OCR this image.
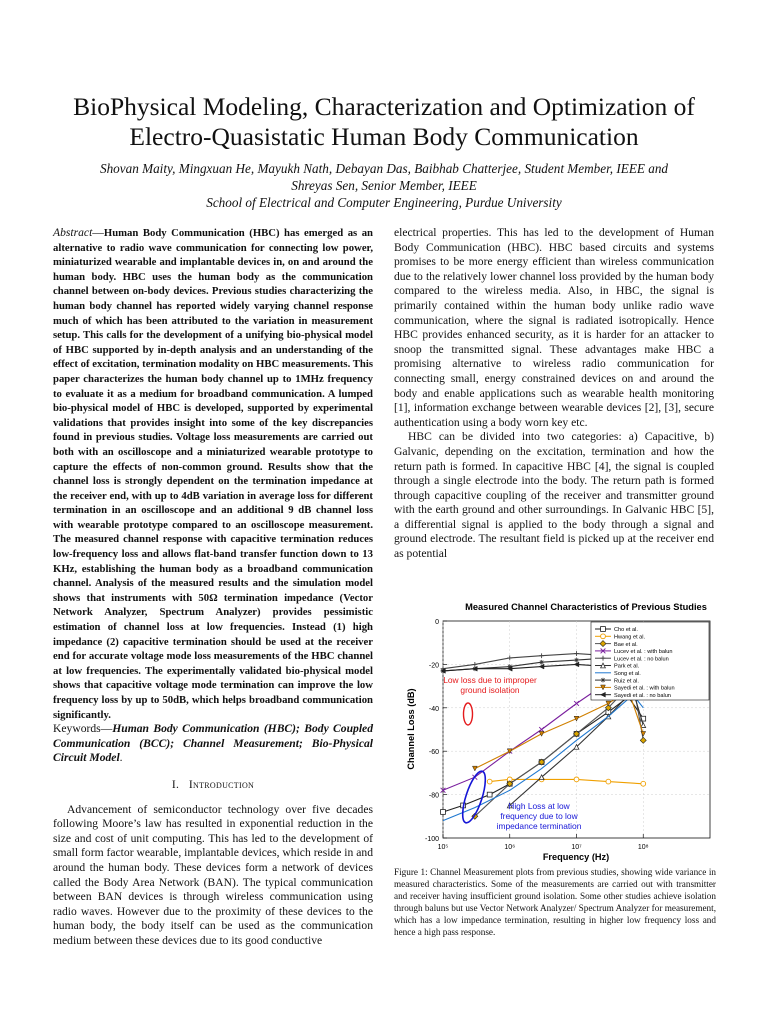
BioPhysical Modeling, Characterization and Optimization of
Electro-Quasistatic Human Body Communication
Shovan Maity, Mingxuan He, Mayukh Nath, Debayan Das, Baibhab Chatterjee, Student Member, IEEE and
Shreyas Sen, Senior Member, IEEE
School of Electrical and Computer Engineering, Purdue University

Abstract—Human Body Communication (HBC) has emerged as an alternative to radio wave communication for connecting low power, miniaturized wearable and implantable devices in, on and around the human body. HBC uses the human body as the communication channel between on-body devices. Previous studies characterizing the human body channel has reported widely varying channel response much of which has been attributed to the variation in measurement setup. This calls for the development of a unifying bio-physical model of HBC supported by in-depth analysis and an understanding of the effect of excitation, termination modality on HBC measurements. This paper characterizes the human body channel up to 1MHz frequency to evaluate it as a medium for broadband communication. A lumped bio-physical model of HBC is developed, supported by experimental validations that provides insight into some of the key discrepancies found in previous studies. Voltage loss measurements are carried out both with an oscilloscope and a miniaturized wearable prototype to capture the effects of non-common ground. Results show that the channel loss is strongly dependent on the termination impedance at the receiver end, with up to 4dB variation in average loss for different termination in an oscilloscope and an additional 9 dB channel loss with wearable prototype compared to an oscilloscope measurement. The measured channel response with capacitive termination reduces low-frequency loss and allows flat-band transfer function down to 13 KHz, establishing the human body as a broadband communication channel. Analysis of the measured results and the simulation model shows that instruments with 50Ω termination impedance (Vector Network Analyzer, Spectrum Analyzer) provides pessimistic estimation of channel loss at low frequencies. Instead (1) high impedance (2) capacitive termination should be used at the receiver end for accurate voltage mode loss measurements of the HBC channel at low frequencies. The experimentally validated bio-physical model shows that capacitive voltage mode termination can improve the low frequency loss by up to 50dB, which helps broadband communication significantly.

Keywords—Human Body Communication (HBC); Body Coupled Communication (BCC); Channel Measurement; Bio-Physical Circuit Model.

I. Introduction

Advancement of semiconductor technology over five decades following Moore’s law has resulted in exponential reduction in the size and cost of unit computing. This has led to the development of small form factor wearable, implantable devices, which reside in and around the human body. These devices form a network of devices called the Body Area Network (BAN). The typical communication between BAN devices is through wireless communication using radio waves. However due to the proximity of these devices to the human body, the body itself can be used as the communication medium between these devices due to its good conductive

electrical properties. This has led to the development of Human Body Communication (HBC). HBC based circuits and systems promises to be more energy efficient than wireless communication due to the relatively lower channel loss provided by the human body compared to the wireless media. Also, in HBC, the signal is primarily contained within the human body unlike radio wave communication, where the signal is radiated isotropically. Hence HBC provides enhanced security, as it is harder for an attacker to snoop the transmitted signal. These advantages make HBC a promising alternative to wireless radio communication for connecting small, energy constrained devices on and around the body and enable applications such as wearable health monitoring [1], information exchange between wearable devices [2], [3], secure authentication using a body worn key etc.

HBC can be divided into two categories: a) Capacitive, b) Galvanic, depending on the excitation, termination and how the return path is formed. In capacitive HBC [4], the signal is coupled through a single electrode into the body. The return path is formed through capacitive coupling of the receiver and transmitter ground with the earth ground and other surroundings. In Galvanic HBC [5], a differential signal is applied to the body through a signal and ground electrode. The resultant field is picked up at the receiver end as potential

Measured Channel Characteristics of Previous Studies
0
-20
-40
-60
-80
-100
10⁵	10⁶	10⁷	10⁸
Frequency (Hz)
Channel Loss (dB)
Cho et al.
Hwang et al.
Bae et al.
Lucev et al. : with balun
Lucev et al. : no balun
Park et al.
Song et al.
Ruiz et al.
Sayedi et al. : with balun
Sayedi et al. : no balun
Low loss due to improper
ground isolation
High Loss at low
frequency due to low
impedance termination
Figure 1: Channel Measurement plots from previous studies, showing wide variance in measured characteristics. Some of the measurements are carried out with transmitter and receiver having insufficient ground isolation. Some other studies achieve isolation through baluns but use Vector Network Analyzer/ Spectrum Analyzer for measurement, which has a low impedance termination, resulting in higher low frequency loss and hence a high pass response.
